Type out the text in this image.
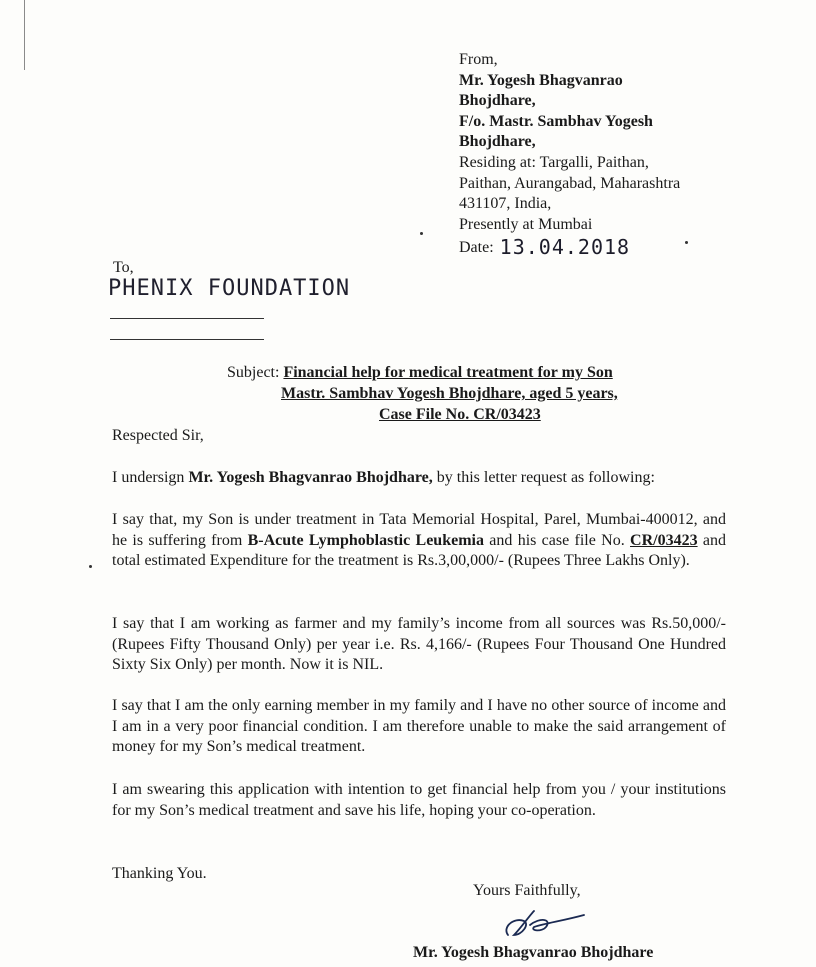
From,
Mr. Yogesh Bhagvanrao
Bhojdhare,
F/o. Mastr. Sambhav Yogesh
Bhojdhare,
Residing at: Targalli, Paithan,
Paithan, Aurangabad, Maharashtra
431107, India,
Presently at Mumbai
Date: 13.04.2018
To,
PHENIX FOUNDATION
Subject: Financial help for medical treatment for my Son
Mastr. Sambhav Yogesh Bhojdhare, aged 5 years,
Case File No. CR/03423
Respected Sir,
I undersign Mr. Yogesh Bhagvanrao Bhojdhare, by this letter request as following:
I say that, my Son is under treatment in Tata Memorial Hospital, Parel, Mumbai-400012, and he is suffering from B-Acute Lymphoblastic Leukemia and his case file No. CR/03423 and total estimated Expenditure for the treatment is Rs.3,00,000/- (Rupees Three Lakhs Only).
I say that I am working as farmer and my family’s income from all sources was Rs.50,000/- (Rupees Fifty Thousand Only) per year i.e. Rs. 4,166/- (Rupees Four Thousand One Hundred Sixty Six Only) per month. Now it is NIL.
I say that I am the only earning member in my family and I have no other source of income and I am in a very poor financial condition. I am therefore unable to make the said arrangement of money for my Son’s medical treatment.
I am swearing this application with intention to get financial help from you / your institutions for my Son’s medical treatment and save his life, hoping your co-operation.
Thanking You.
Yours Faithfully,
Mr. Yogesh Bhagvanrao Bhojdhare
